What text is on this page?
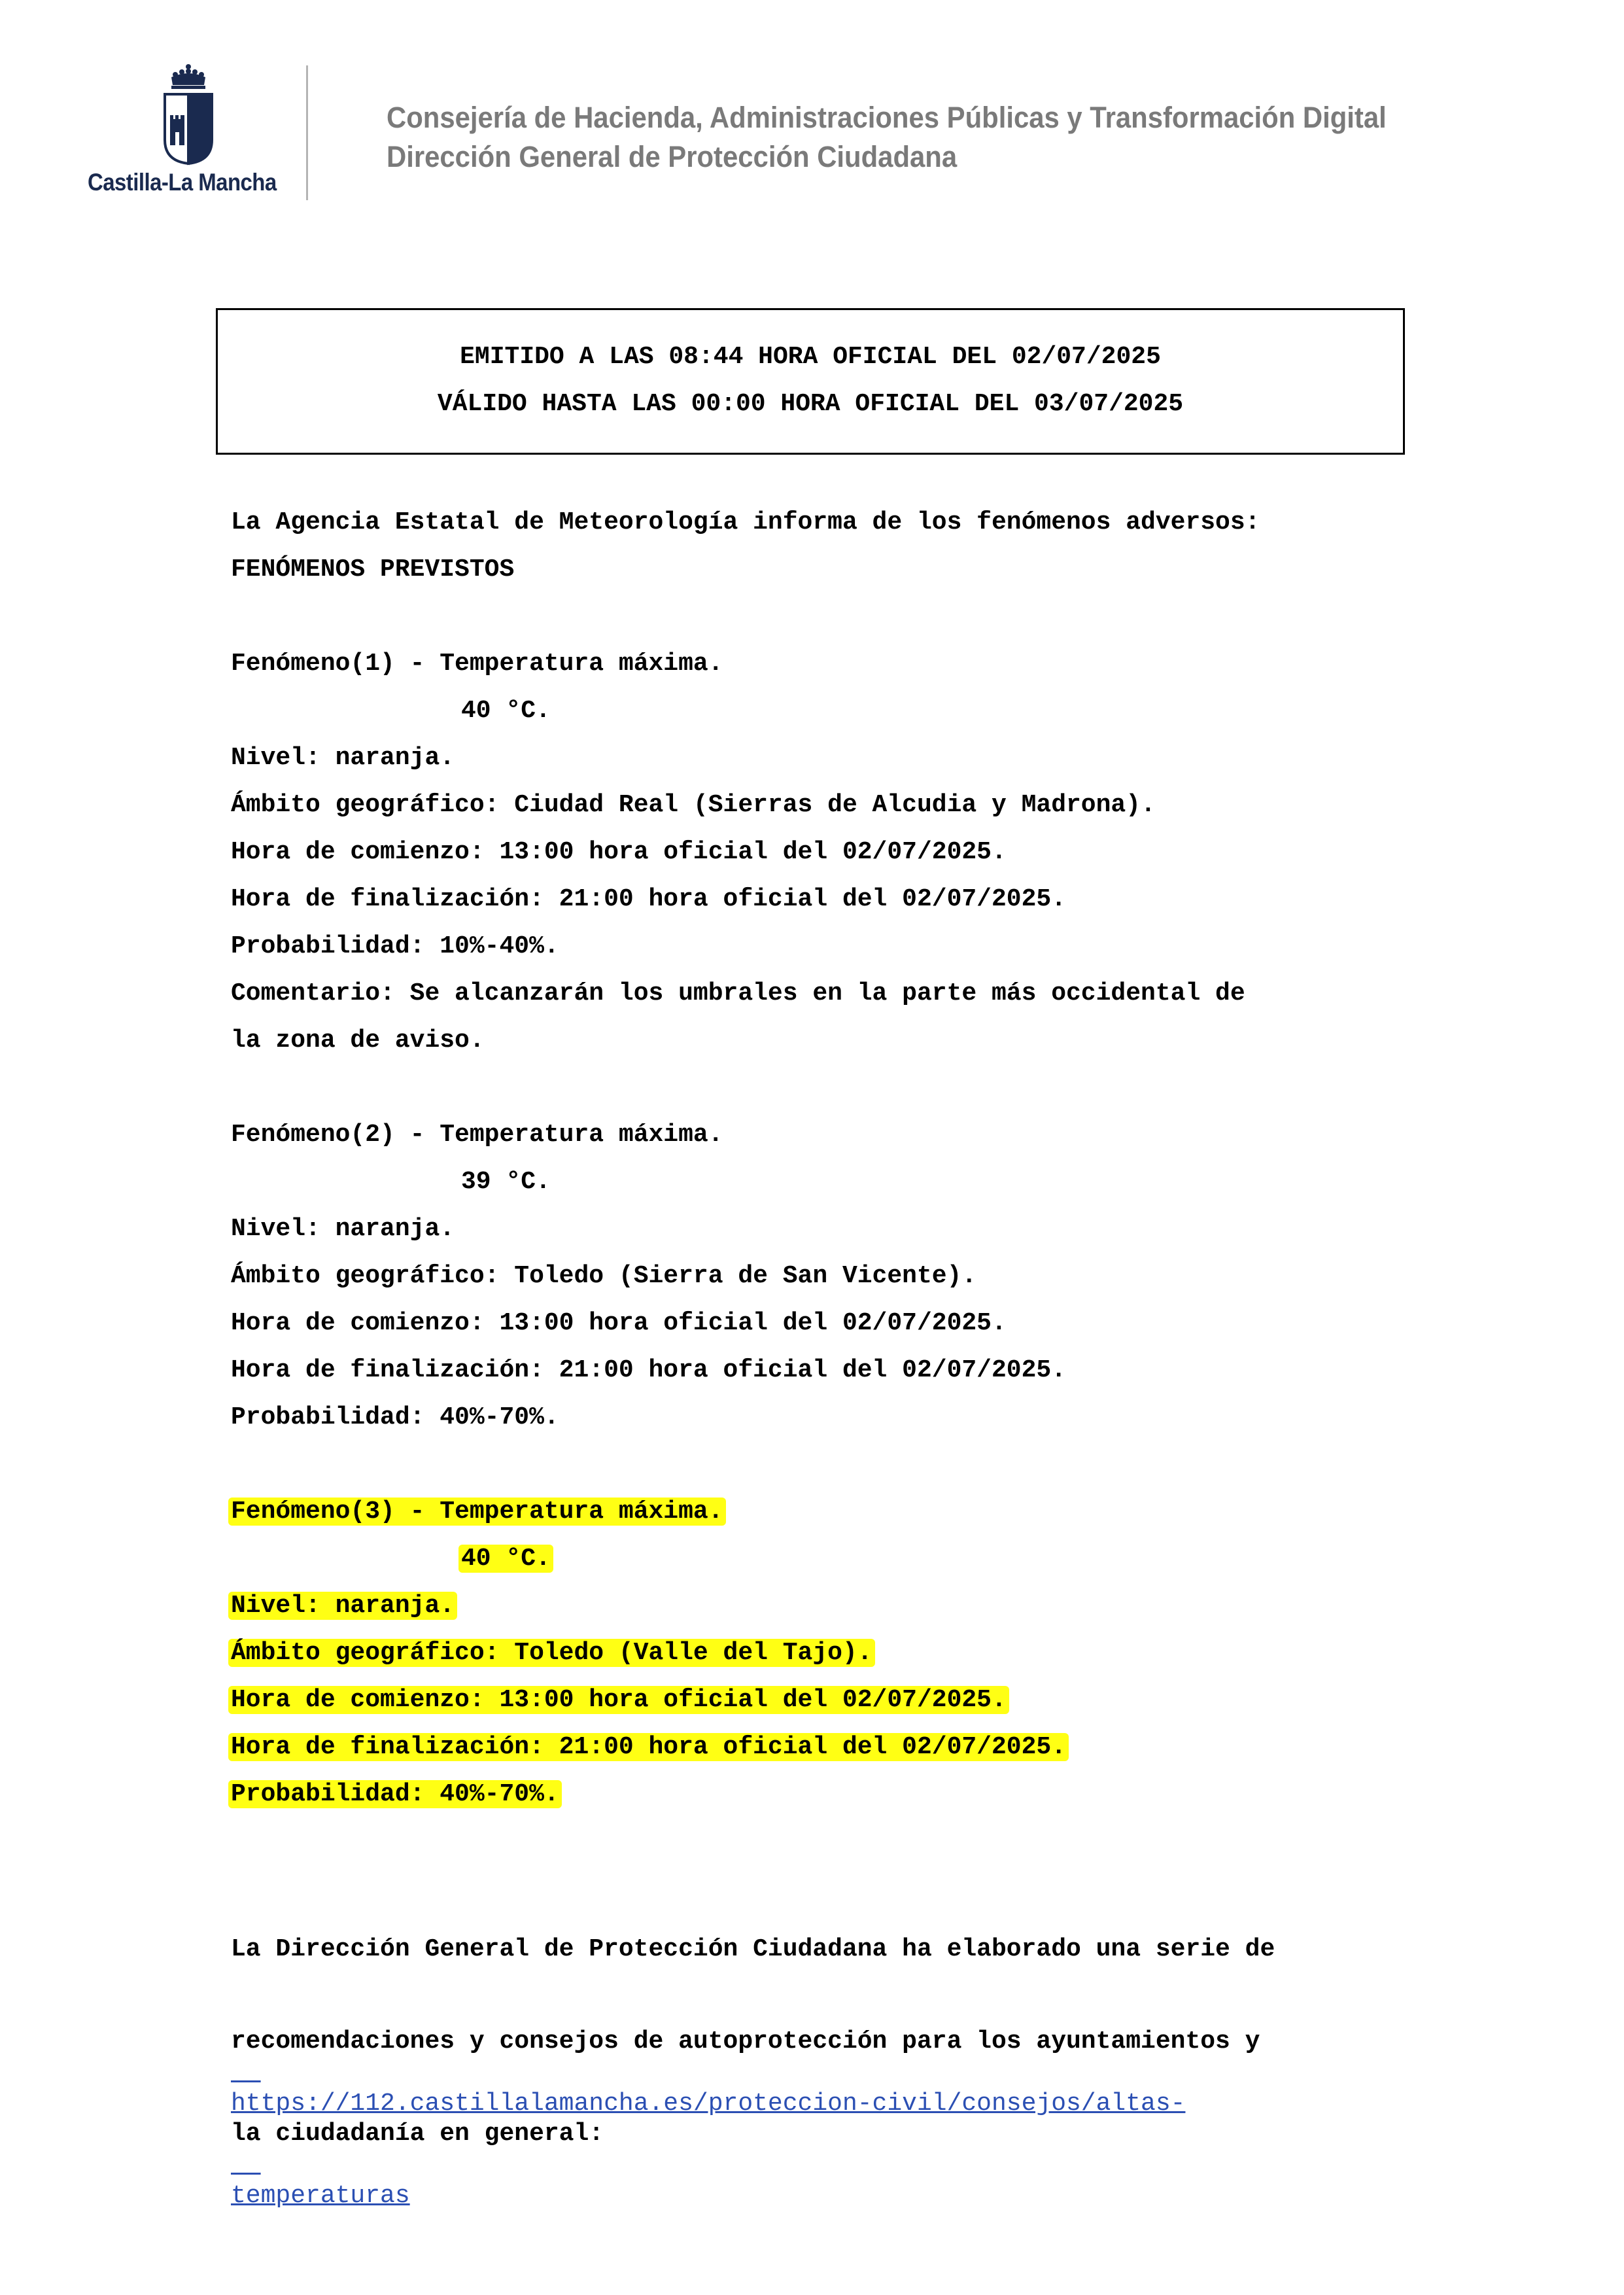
Castilla-La Mancha
Consejería de Hacienda, Administraciones Públicas y Transformación Digital
Dirección General de Protección Ciudadana
EMITIDO A LAS 08:44 HORA OFICIAL DEL 02/07/2025
VÁLIDO HASTA LAS 00:00 HORA OFICIAL DEL 03/07/2025
La Agencia Estatal de Meteorología informa de los fenómenos adversos:
FENÓMENOS PREVISTOS
Fenómeno(1) - Temperatura máxima.
40 °C.
Nivel: naranja.
Ámbito geográfico: Ciudad Real (Sierras de Alcudia y Madrona).
Hora de comienzo: 13:00 hora oficial del 02/07/2025.
Hora de finalización: 21:00 hora oficial del 02/07/2025.
Probabilidad: 10%-40%.
Comentario: Se alcanzarán los umbrales en la parte más occidental de
la zona de aviso.
Fenómeno(2) - Temperatura máxima.
39 °C.
Nivel: naranja.
Ámbito geográfico: Toledo (Sierra de San Vicente).
Hora de comienzo: 13:00 hora oficial del 02/07/2025.
Hora de finalización: 21:00 hora oficial del 02/07/2025.
Probabilidad: 40%-70%.
Fenómeno(3) - Temperatura máxima.
40 °C.
Nivel: naranja.
Ámbito geográfico: Toledo (Valle del Tajo).
Hora de comienzo: 13:00 hora oficial del 02/07/2025.
Hora de finalización: 21:00 hora oficial del 02/07/2025.
Probabilidad: 40%-70%.

La Dirección General de Protección Ciudadana ha elaborado una serie de

recomendaciones y consejos de autoprotección para los ayuntamientos y

la ciudadanía en general:

https://112.castillalamancha.es/proteccion-civil/consejos/altas-

temperaturas
